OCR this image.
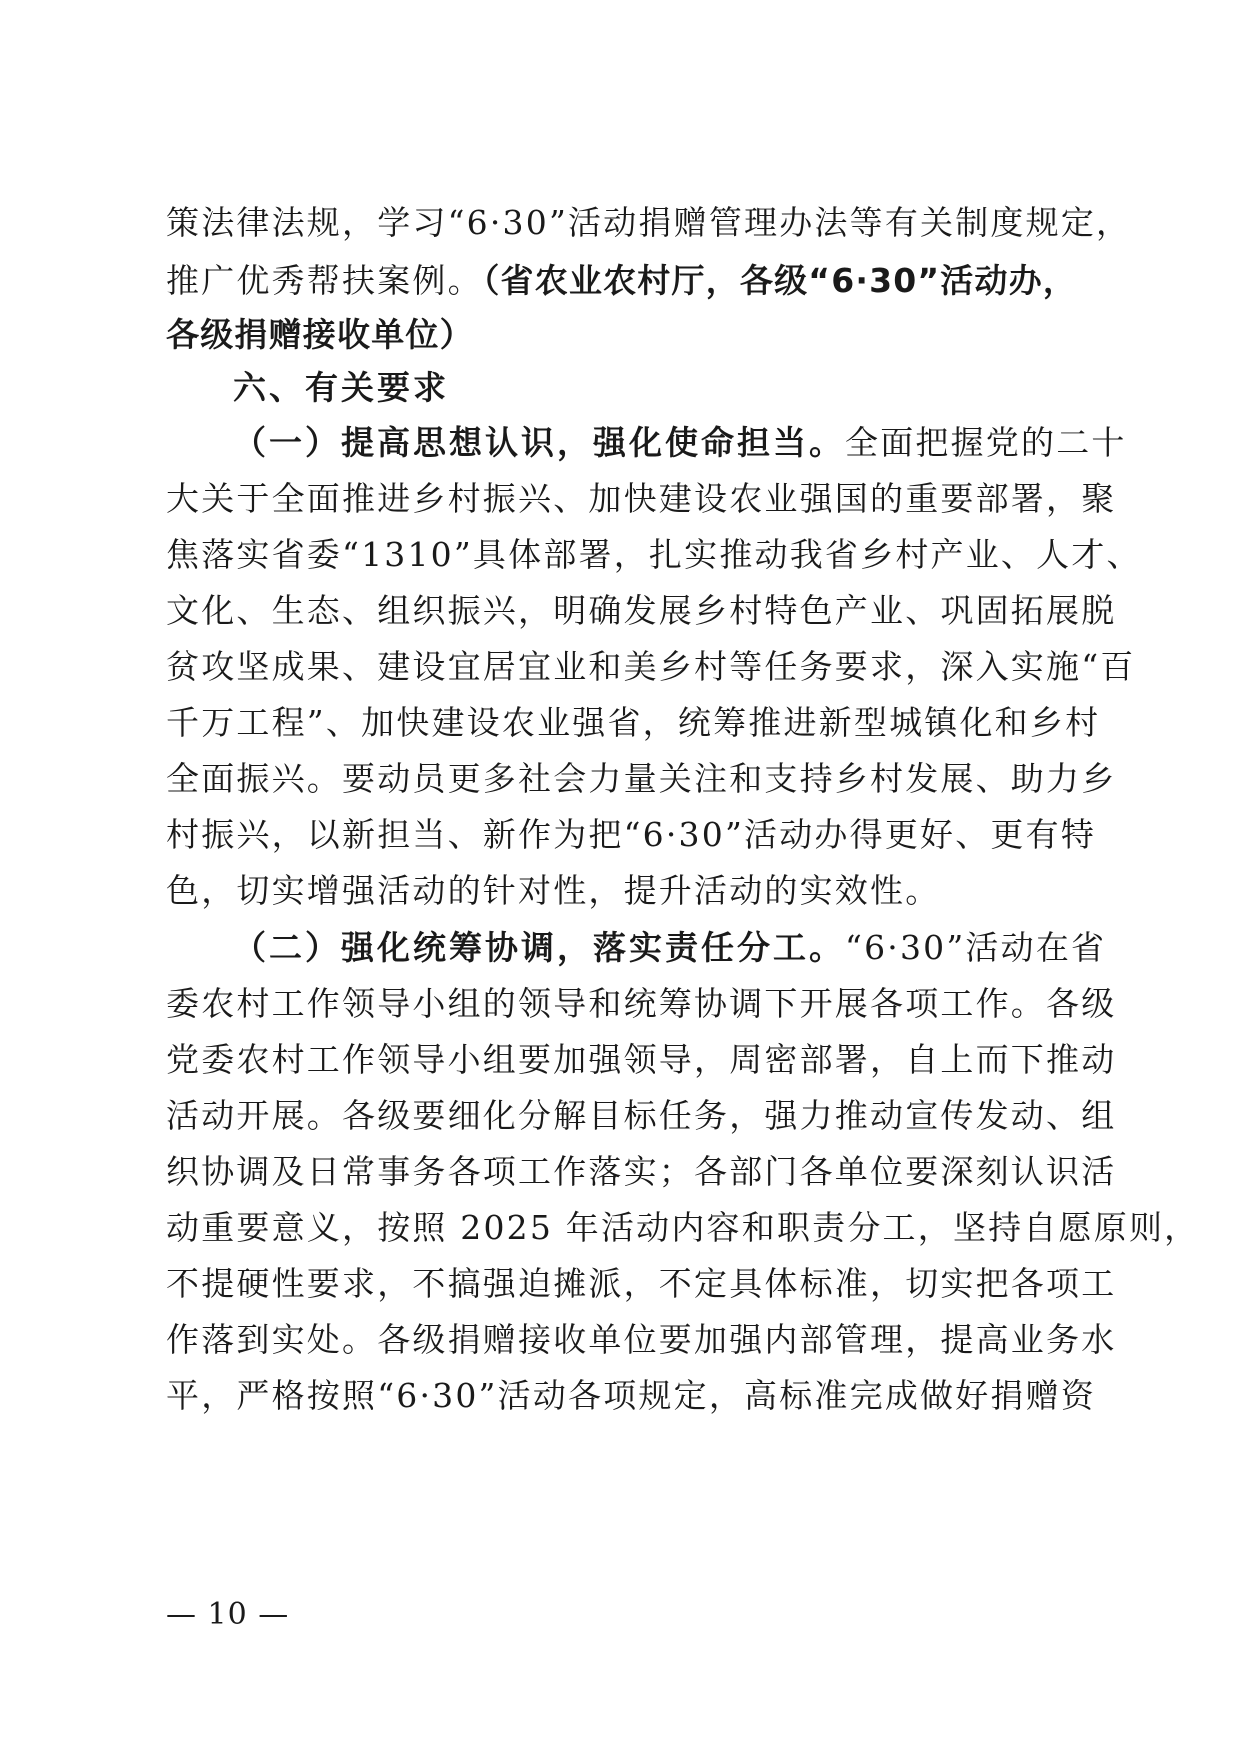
策法律法规，学习“6·30”活动捐赠管理办法等有关制度规定，
推广优秀帮扶案例。（省农业农村厅，各级“6·30”活动办，
各级捐赠接收单位）
六、有关要求
（一）提高思想认识，强化使命担当。全面把握党的二十
大关于全面推进乡村振兴、加快建设农业强国的重要部署，聚
焦落实省委“1310”具体部署，扎实推动我省乡村产业、人才、
文化、生态、组织振兴，明确发展乡村特色产业、巩固拓展脱
贫攻坚成果、建设宜居宜业和美乡村等任务要求，深入实施“百
千万工程”、加快建设农业强省，统筹推进新型城镇化和乡村
全面振兴。要动员更多社会力量关注和支持乡村发展、助力乡
村振兴，以新担当、新作为把“6·30”活动办得更好、更有特
色，切实增强活动的针对性，提升活动的实效性。
（二）强化统筹协调，落实责任分工。“6·30”活动在省
委农村工作领导小组的领导和统筹协调下开展各项工作。各级
党委农村工作领导小组要加强领导，周密部署，自上而下推动
活动开展。各级要细化分解目标任务，强力推动宣传发动、组
织协调及日常事务各项工作落实；各部门各单位要深刻认识活
动重要意义，按照 2025 年活动内容和职责分工，坚持自愿原则，
不提硬性要求，不搞强迫摊派，不定具体标准，切实把各项工
作落到实处。各级捐赠接收单位要加强内部管理，提高业务水
平，严格按照“6·30”活动各项规定，高标准完成做好捐赠资
— 10 —
